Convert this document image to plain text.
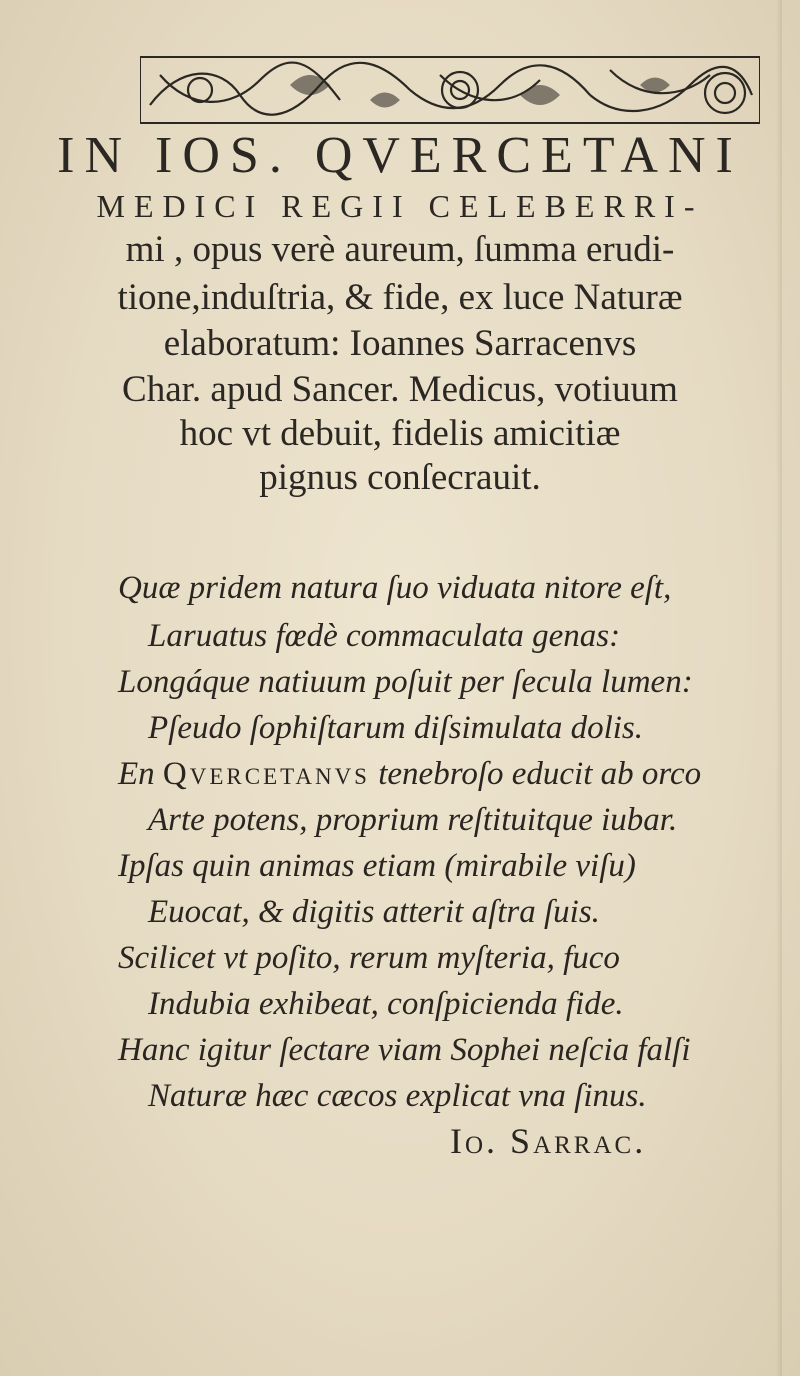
IN IOS. QVERCETANI
MEDICI REGII CELEBERRI-
mi , opus verè aureum, ſumma erudi-
tione,induſtria, & fide, ex luce Naturæ
elaboratum: Ioannes Sarracenvs
Char. apud Sancer. Medicus, votiuum
hoc vt debuit, fidelis amicitiæ
pignus conſecrauit.
Quæ pridem natura ſuo viduata nitore eſt,
Laruatus fœdè commaculata genas:
Longáque natiuum poſuit per ſecula lumen:
Pſeudo ſophiſtarum diſsimulata dolis.
En Qvercetanvs tenebroſo educit ab orco
Arte potens, proprium reſtituitque iubar.
Ipſas quin animas etiam (mirabile viſu)
Euocat, & digitis atterit aſtra ſuis.
Scilicet vt poſito, rerum myſteria, fuco
Indubia exhibeat, conſpicienda fide.
Hanc igitur ſectare viam Sophei neſcia falſi
Naturæ hæc cæcos explicat vna ſinus.
Io. Sarrac.
